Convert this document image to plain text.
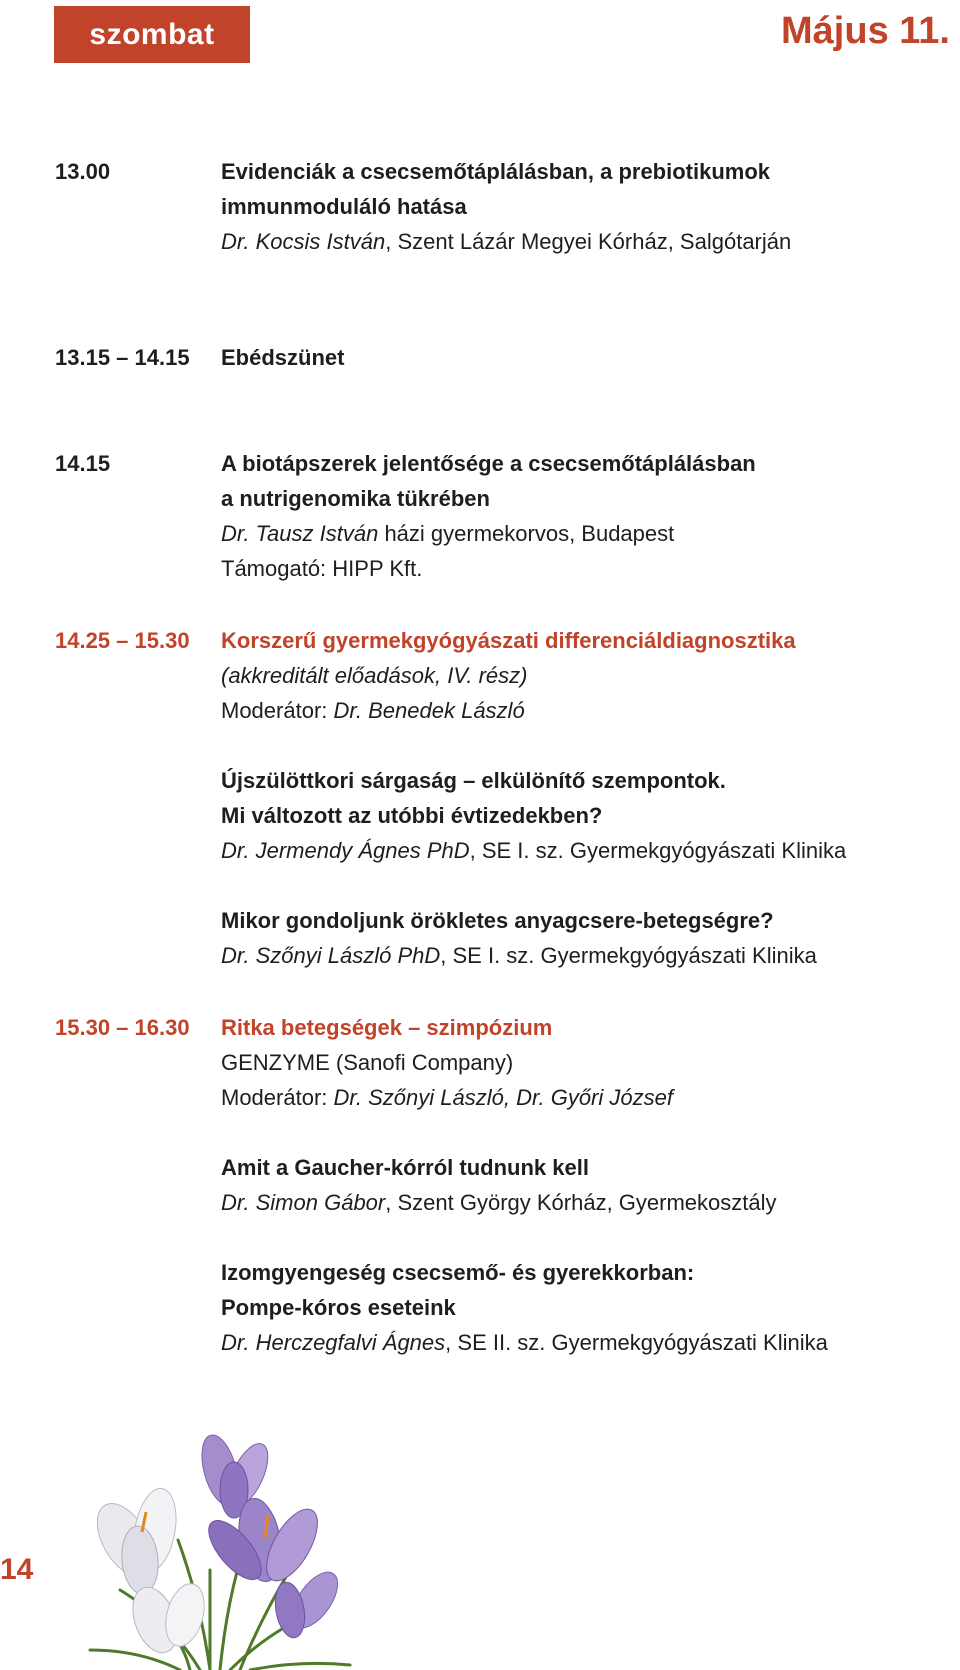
szombat	Május 11.
13.00	Evidenciák a csecsemőtáplálásban, a prebiotikumok
immunmoduláló hatása
Dr. Kocsis István, Szent Lázár Megyei Kórház, Salgótarján
13.15 – 14.15 Ebédszünet
14.15	A biotápszerek jelentősége a csecsemőtáplálásban
a nutrigenomika tükrében
Dr. Tausz István házi gyermekorvos, Budapest
Támogató: HIPP Kft.
14.25 – 15.30 Korszerű gyermekgyógyászati differenciáldiagnosztika
(akkreditált előadások, IV. rész)
Moderátor: Dr. Benedek László
Újszülöttkori sárgaság – elkülönítő szempontok.
Mi változott az utóbbi évtizedekben?
Dr. Jermendy Ágnes PhD, SE I. sz. Gyermekgyógyászati Klinika
Mikor gondoljunk örökletes anyagcsere-betegségre?
Dr. Szőnyi László PhD, SE I. sz. Gyermekgyógyászati Klinika
15.30 – 16.30 Ritka betegségek – szimpózium
GENZYME (Sanofi Company)
Moderátor: Dr. Szőnyi László, Dr. Győri József
Amit a Gaucher-kórról tudnunk kell
Dr. Simon Gábor, Szent György Kórház, Gyermekosztály
Izomgyengeség csecsemő- és gyerekkorban:
Pompe-kóros eseteink
Dr. Herczegfalvi Ágnes, SE II. sz. Gyermekgyógyászati Klinika
14
